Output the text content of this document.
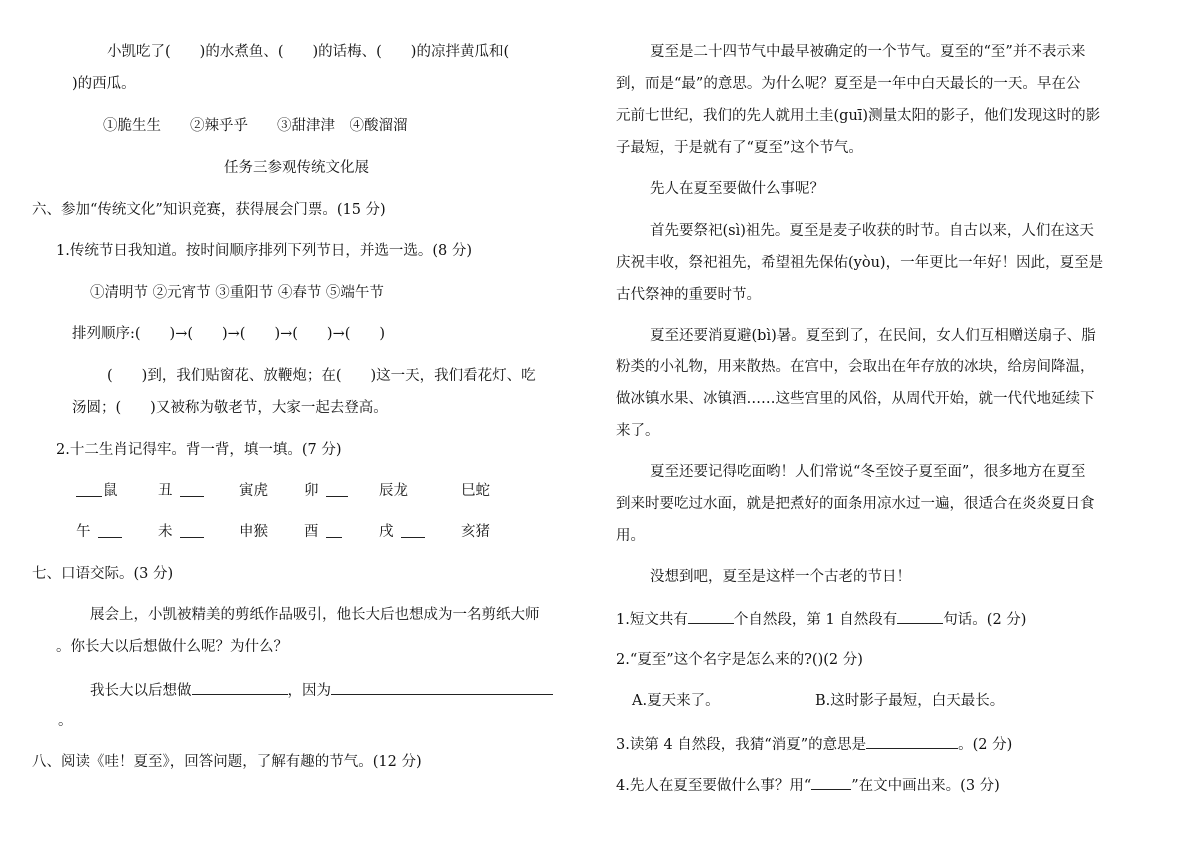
小凯吃了(　　)的水煮鱼、(　　)的话梅、(　　)的凉拌黄瓜和(
)的西瓜。
①脆生生　　②辣乎乎　　③甜津津　④酸溜溜
任务三参观传统文化展
六、参加“传统文化”知识竞赛，获得展会门票。(15 分)
1.传统节日我知道。按时间顺序排列下列节日，并选一选。(8 分)
①清明节 ②元宵节 ③重阳节 ④春节 ⑤端午节
排列顺序:(　　)→(　　)→(　　)→(　　)→(　　)
(　　)到，我们贴窗花、放鞭炮；在(　　)这一天，我们看花灯、吃
汤圆；(　　)又被称为敬老节，大家一起去登高。
2.十二生肖记得牢。背一背，填一填。(7 分)
鼠	丑	寅虎 卯	辰龙	巳蛇
午	未	申猴 酉	戌	亥猪
七、口语交际。(3 分)
展会上，小凯被精美的剪纸作品吸引，他长大后也想成为一名剪纸大师
。你长大以后想做什么呢？为什么？
我长大以后想做	，因为
。
八、阅读《哇！夏至》，回答问题，了解有趣的节气。(12 分)
夏至是二十四节气中最早被确定的一个节气。夏至的“至”并不表示来
到，而是“最”的意思。为什么呢？夏至是一年中白天最长的一天。早在公
元前七世纪，我们的先人就用土圭(guī)测量太阳的影子，他们发现这时的影
子最短，于是就有了“夏至”这个节气。
先人在夏至要做什么事呢？
首先要祭祀(sì)祖先。夏至是麦子收获的时节。自古以来，人们在这天
庆祝丰收，祭祀祖先，希望祖先保佑(yòu)，一年更比一年好！因此，夏至是
古代祭神的重要时节。
夏至还要消夏避(bì)暑。夏至到了，在民间，女人们互相赠送扇子、脂
粉类的小礼物，用来散热。在宫中，会取出在年存放的冰块，给房间降温，
做冰镇水果、冰镇酒……这些宫里的风俗，从周代开始，就一代代地延续下
来了。
夏至还要记得吃面哟！人们常说“冬至饺子夏至面”，很多地方在夏至
到来时要吃过水面，就是把煮好的面条用凉水过一遍，很适合在炎炎夏日食
用。
没想到吧，夏至是这样一个古老的节日！
1.短文共有	个自然段，第 1 自然段有	句话。(2 分)
2.“夏至”这个名字是怎么来的?()(2 分)
A.夏天来了。	B.这时影子最短，白天最长。
3.读第 4 自然段，我猜“消夏”的意思是	。(2 分)
4.先人在夏至要做什么事？用“	”在文中画出来。(3 分)
